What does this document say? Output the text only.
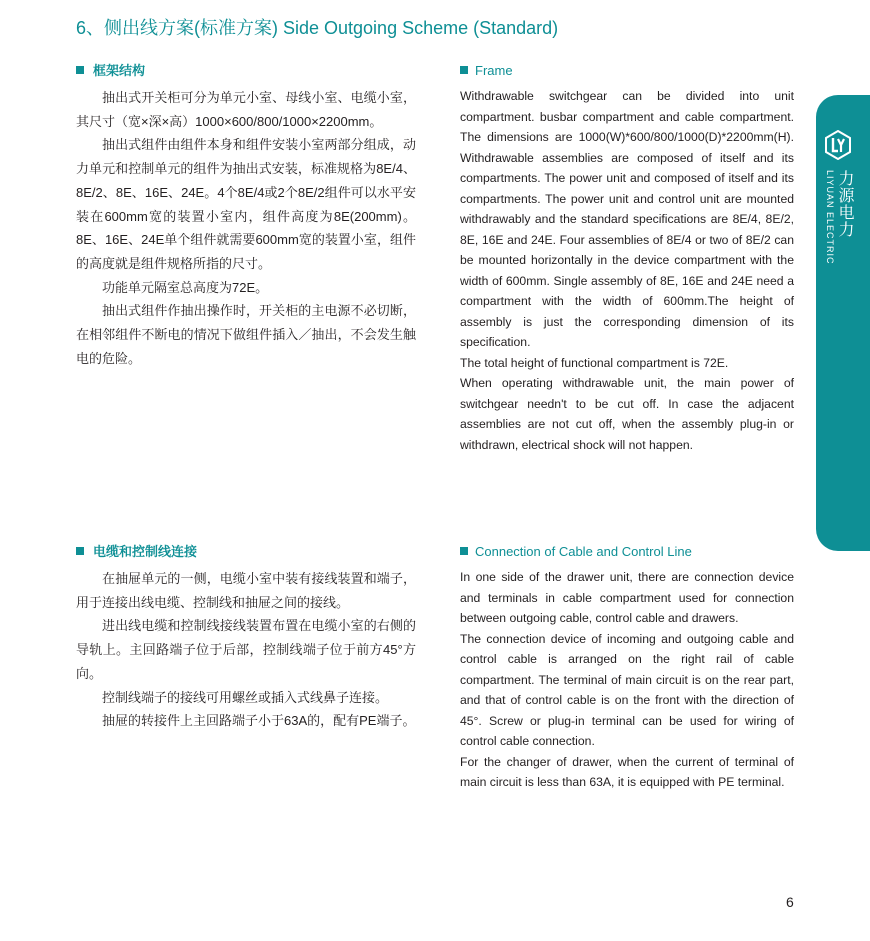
6、侧出线方案(标准方案) Side Outgoing Scheme (Standard)
框架结构	Frame

抽出式开关柜可分为单元小室、母线小室、电缆小室，其尺寸（宽×深×高）1000×600/800/1000×2200mm。

抽出式组件由组件本身和组件安装小室两部分组成，动力单元和控制单元的组件为抽出式安装，标准规格为8E/4、8E/2、8E、16E、24E。4个8E/4或2个8E/2组件可以水平安装在600mm宽的装置小室内，组件高度为8E(200mm)。8E、16E、24E单个组件就需要600mm宽的装置小室，组件的高度就是组件规格所指的尺寸。

功能单元隔室总高度为72E。

抽出式组件作抽出操作时，开关柜的主电源不必切断，在相邻组件不断电的情况下做组件插入／抽出，不会发生触电的危险。

Withdrawable switchgear can be divided into unit compartment. busbar compartment and cable compartment. The dimensions are 1000(W)*600/800/1000(D)*2200mm(H). Withdrawable assemblies are composed of itself and its compartments. The power unit and composed of itself and its compartments. The power unit and control unit are mounted withdrawably and the standard specifications are 8E/4, 8E/2, 8E, 16E and 24E. Four assemblies of 8E/4 or two of 8E/2 can be mounted horizontally in the device compartment with the width of 600mm. Single assembly of 8E, 16E and 24E need a compartment with the width of 600mm.The height of assembly is just the corresponding dimension of its specification.

The total height of functional compartment is 72E.

When operating withdrawable unit, the main power of switchgear needn't to be cut off. In case the adjacent assemblies are not cut off, when the assembly plug-in or withdrawn, electrical shock will not happen.

电缆和控制线连接	Connection of Cable and Control Line

在抽屉单元的一侧，电缆小室中装有接线装置和端子，用于连接出线电缆、控制线和抽屉之间的接线。

进出线电缆和控制线接线装置布置在电缆小室的右侧的导轨上。主回路端子位于后部，控制线端子位于前方45°方向。

控制线端子的接线可用螺丝或插入式线鼻子连接。

抽屉的转接件上主回路端子小于63A的，配有PE端子。

In one side of the drawer unit, there are connection device and terminals in cable compartment used for connection between outgoing cable, control cable and drawers.

The connection device of incoming and outgoing cable and control cable is arranged on the right rail of cable compartment. The terminal of main circuit is on the rear part, and that of control cable is on the front with the direction of 45°. Screw or plug-in terminal can be used for wiring of control cable connection.

For the changer of drawer, when the current of terminal of main circuit is less than 63A, it is equipped with PE terminal.

LIYUAN ELECTRIC 力源电力
6
